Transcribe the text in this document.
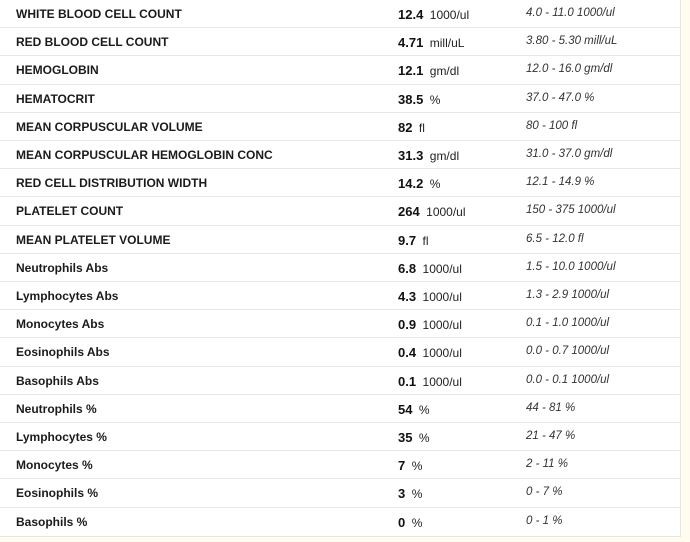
WHITE BLOOD CELL COUNT	12.4 1000/ul	4.0 - 11.0 1000/ul
RED BLOOD CELL COUNT	4.71 mill/uL	3.80 - 5.30 mill/uL
HEMOGLOBIN	12.1 gm/dl	12.0 - 16.0 gm/dl
HEMATOCRIT	38.5 %	37.0 - 47.0 %
MEAN CORPUSCULAR VOLUME	82 fl	80 - 100 fl
MEAN CORPUSCULAR HEMOGLOBIN CONC	31.3 gm/dl	31.0 - 37.0 gm/dl
RED CELL DISTRIBUTION WIDTH	14.2 %	12.1 - 14.9 %
PLATELET COUNT	264 1000/ul	150 - 375 1000/ul
MEAN PLATELET VOLUME	9.7 fl	6.5 - 12.0 fl
Neutrophils Abs	6.8 1000/ul	1.5 - 10.0 1000/ul
Lymphocytes Abs	4.3 1000/ul	1.3 - 2.9 1000/ul
Monocytes Abs	0.9 1000/ul	0.1 - 1.0 1000/ul
Eosinophils Abs	0.4 1000/ul	0.0 - 0.7 1000/ul
Basophils Abs	0.1 1000/ul	0.0 - 0.1 1000/ul
Neutrophils %	54 %	44 - 81 %
Lymphocytes %	35 %	21 - 47 %
Monocytes %	7 %	2 - 11 %
Eosinophils %	3 %	0 - 7 %
Basophils %	0 %	0 - 1 %
